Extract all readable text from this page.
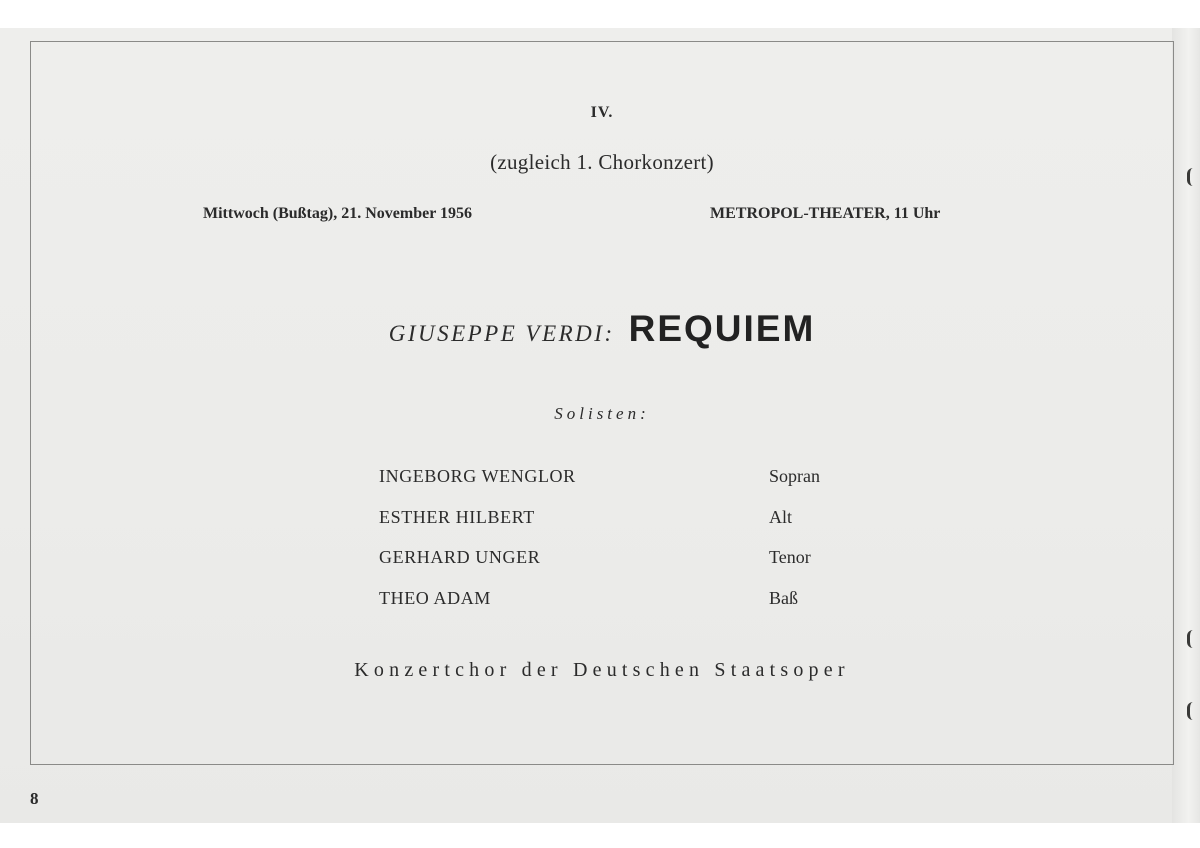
IV.
(zugleich 1. Chorkonzert)
Mittwoch (Bußtag), 21. November 1956	METROPOL-THEATER, 11 Uhr
GIUSEPPE VERDI: REQUIEM
Solisten:
INGEBORG WENGLOR	Sopran
ESTHER HILBERT	Alt
GERHARD UNGER	Tenor
THEO ADAM	Baß
Konzertchor der Deutschen Staatsoper
8
